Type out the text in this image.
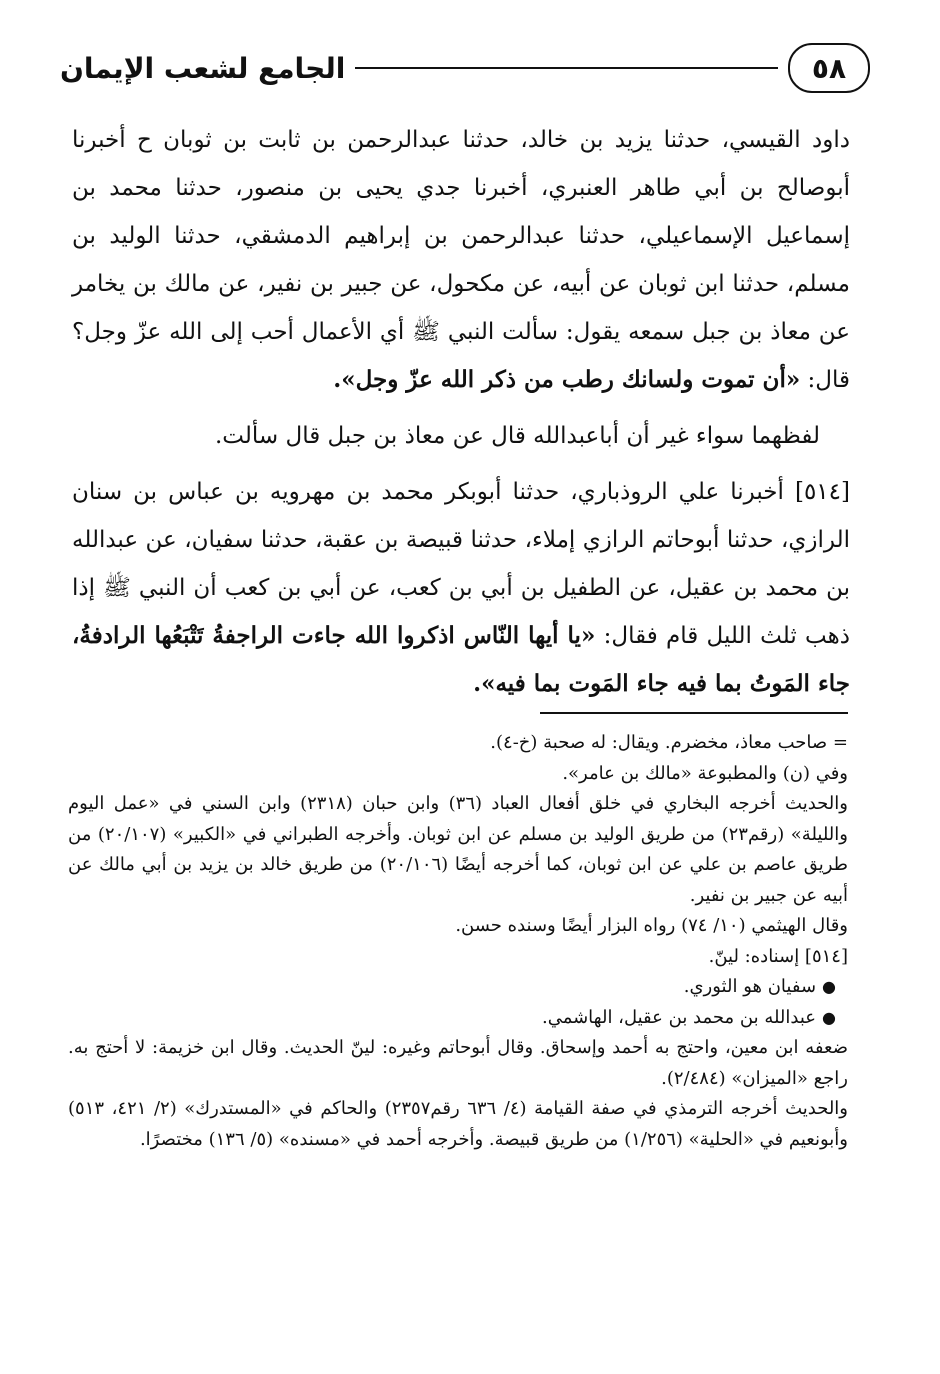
الجامع لشعب الإيمان	٥٨

داود القيسي، حدثنا يزيد بن خالد، حدثنا عبدالرحمن بن ثابت بن ثوبان ح أخبرنا أبوصالح بن أبي طاهر العنبري، أخبرنا جدي يحيى بن منصور، حدثنا محمد بن إسماعيل الإسماعيلي، حدثنا عبدالرحمن بن إبراهيم الدمشقي، حدثنا الوليد بن مسلم، حدثنا ابن ثوبان عن أبيه، عن مكحول، عن جبير بن نفير، عن مالك بن يخامر عن معاذ بن جبل سمعه يقول: سألت النبي ﷺ أي الأعمال أحب إلى الله عزّ وجل؟ قال: «أن تموت ولسانك رطب من ذكر الله عزّ وجل».

لفظهما سواء غير أن أباعبدالله قال عن معاذ بن جبل قال سألت.

[٥١٤] أخبرنا علي الروذباري، حدثنا أبوبكر محمد بن مهرويه بن عباس بن سنان الرازي، حدثنا أبوحاتم الرازي إملاء، حدثنا قبيصة بن عقبة، حدثنا سفيان، عن عبدالله بن محمد بن عقيل، عن الطفيل بن أبي بن كعب، عن أبي بن كعب أن النبي ﷺ إذا ذهب ثلث الليل قام فقال: «يا أيها النّاس اذكروا الله جاءت الراجفةُ تَتْبَعُها الرادفةُ، جاء المَوتُ بما فيه جاء المَوت بما فيه».

= صاحب معاذ، مخضرم. ويقال: له صحبة (خ-٤).

وفي (ن) والمطبوعة «مالك بن عامر».

والحديث أخرجه البخاري في خلق أفعال العباد (٣٦) وابن حبان (٢٣١٨) وابن السني في «عمل اليوم والليلة» (رقم٢٣) من طريق الوليد بن مسلم عن ابن ثوبان. وأخرجه الطبراني في «الكبير» (٢٠/١٠٧) من طريق عاصم بن علي عن ابن ثوبان، كما أخرجه أيضًا (٢٠/١٠٦) من طريق خالد بن يزيد بن أبي مالك عن أبيه عن جبير بن نفير.

وقال الهيثمي (١٠/ ٧٤) رواه البزار أيضًا وسنده حسن.

[٥١٤] إسناده: لينّ.

●سفيان هو الثوري.

●عبدالله بن محمد بن عقيل، الهاشمي.

ضعفه ابن معين، واحتج به أحمد وإسحاق. وقال أبوحاتم وغيره: لينّ الحديث. وقال ابن خزيمة: لا أحتج به. راجع «الميزان» (٢/٤٨٤).

والحديث أخرجه الترمذي في صفة القيامة (٤/ ٦٣٦ رقم٢٣٥٧) والحاكم في «المستدرك» (٢/ ٤٢١، ٥١٣) وأبونعيم في «الحلية» (١/٢٥٦) من طريق قبيصة. وأخرجه أحمد في «مسنده» (٥/ ١٣٦) مختصرًا.
